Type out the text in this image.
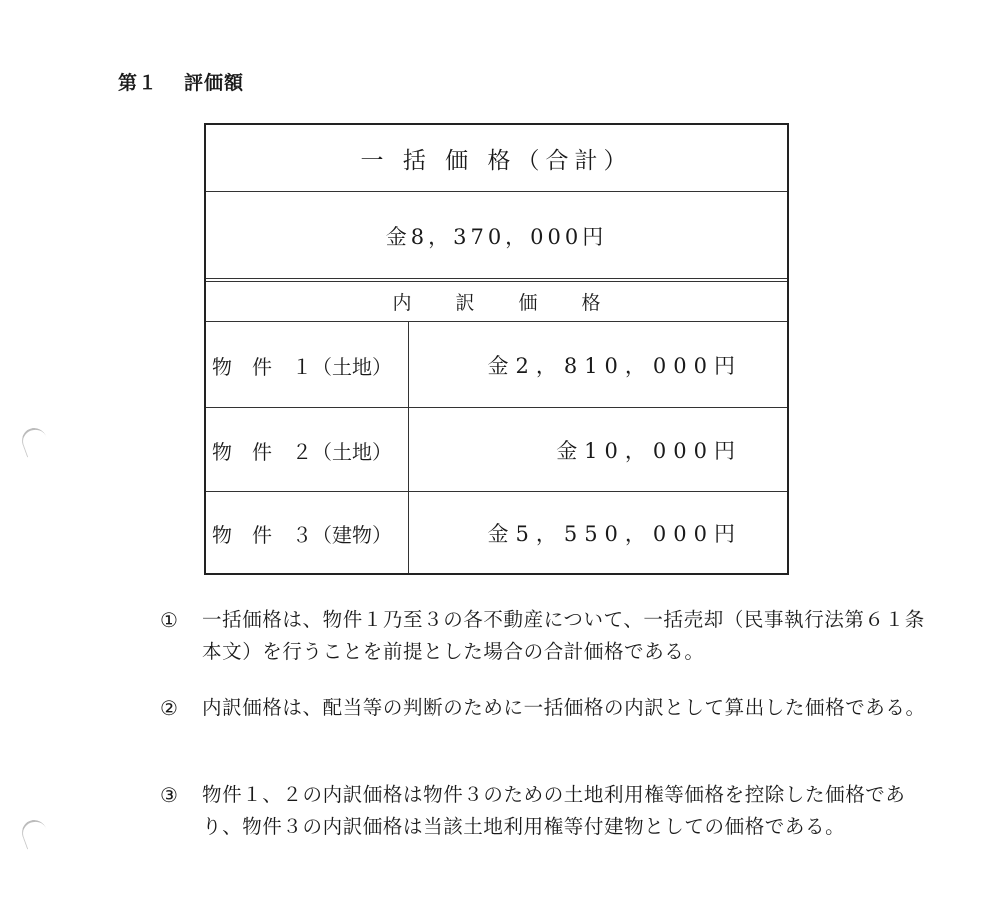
第１ 評価額
一 括 価 格（合計）
金8，370，000円
内 訳 価 格
物　件　１（土地）	金2，810，000円
物　件　２（土地）	金10，000円
物　件　３（建物）	金5，550，000円
①	一括価格は、物件１乃至３の各不動産について、一括売却（民事執行法第６１条本文）を行うことを前提とした場合の合計価格である。
②	内訳価格は、配当等の判断のために一括価格の内訳として算出した価格である。
③	物件１、２の内訳価格は物件３のための土地利用権等価格を控除した価格であり、物件３の内訳価格は当該土地利用権等付建物としての価格である。
